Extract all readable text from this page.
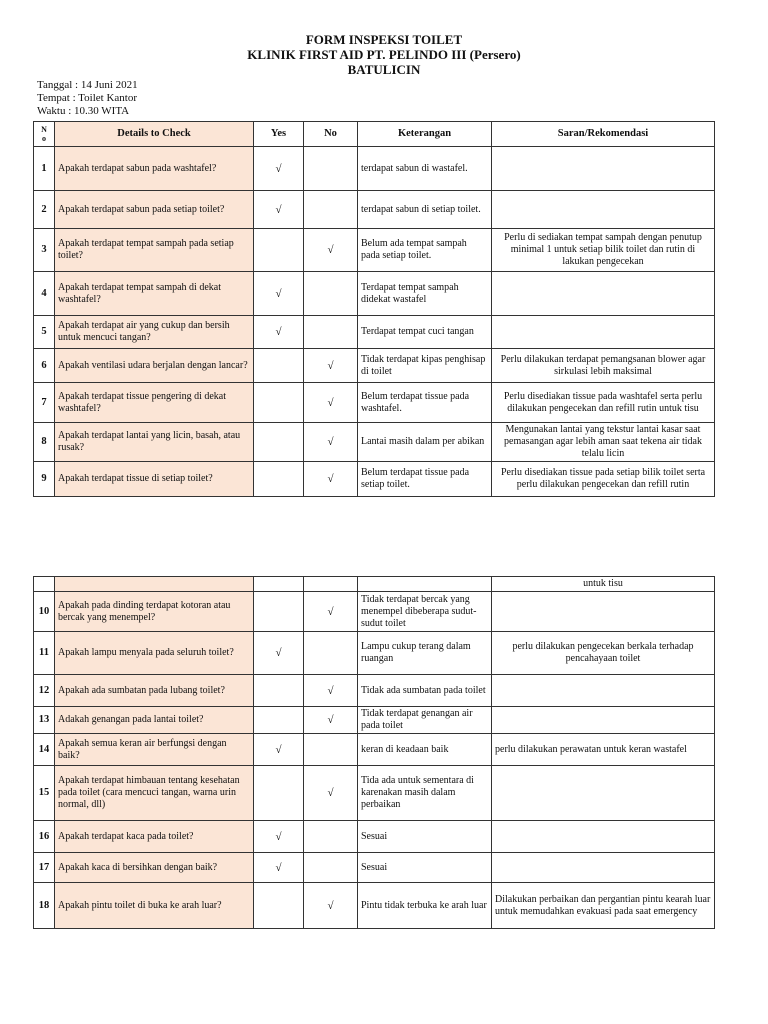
FORM INSPEKSI TOILET
KLINIK FIRST AID PT. PELINDO III (Persero)
BATULICIN
Tanggal : 14 Juni 2021
Tempat : Toilet Kantor
Waktu : 10.30 WITA
N
o	Details to Check	Yes	No	Keterangan	Saran/Rekomendasi
1	Apakah terdapat sabun pada washtafel?	√		terdapat sabun di wastafel.	
2	Apakah terdapat sabun pada setiap toilet?	√		terdapat sabun di setiap toilet.	
3	Apakah terdapat tempat sampah pada setiap toilet?		√	Belum ada tempat sampah pada setiap toilet.	Perlu di sediakan tempat sampah dengan penutup minimal 1 untuk setiap bilik toilet dan rutin di lakukan pengecekan
4	Apakah terdapat tempat sampah di dekat washtafel?	√		Terdapat tempat sampah didekat wastafel	
5	Apakah terdapat air yang cukup dan bersih untuk mencuci tangan?	√		Terdapat tempat cuci tangan	
6	Apakah ventilasi udara berjalan dengan lancar?		√	Tidak terdapat kipas penghisap di toilet	Perlu dilakukan terdapat pemangsanan blower agar sirkulasi lebih maksimal
7	Apakah terdapat tissue pengering di dekat washtafel?		√	Belum terdapat tissue pada washtafel.	Perlu disediakan tissue pada washtafel serta perlu dilakukan pengecekan dan refill rutin untuk tisu
8	Apakah terdapat lantai yang licin, basah, atau rusak?		√	Lantai masih dalam per abikan	Mengunakan lantai yang tekstur lantai kasar saat pemasangan agar lebih aman saat tekena air tidak telalu licin
9	Apakah terdapat tissue di setiap toilet?		√	Belum terdapat tissue pada setiap toilet.	Perlu disediakan tissue pada setiap bilik toilet serta perlu dilakukan pengecekan dan refill rutin
					untuk tisu
10	Apakah pada dinding terdapat kotoran atau bercak yang menempel?		√	Tidak terdapat bercak yang menempel dibeberapa sudut-sudut toilet	
11	Apakah lampu menyala pada seluruh toilet?	√		Lampu cukup terang dalam ruangan	perlu dilakukan pengecekan berkala terhadap pencahayaan toilet
12	Apakah ada sumbatan pada lubang toilet?		√	Tidak ada sumbatan pada toilet	
13	Adakah genangan pada lantai toilet?		√	Tidak terdapat genangan air pada toilet	
14	Apakah semua keran air berfungsi dengan baik?	√		keran di keadaan baik	perlu dilakukan perawatan untuk keran wastafel
15	Apakah terdapat himbauan tentang kesehatan pada toilet (cara mencuci tangan, warna urin normal, dll)		√	Tida ada untuk sementara di karenakan masih dalam perbaikan	
16	Apakah terdapat kaca pada toilet?	√		Sesuai	
17	Apakah kaca di bersihkan dengan baik?	√		Sesuai	
18	Apakah pintu toilet di buka ke arah luar?		√	Pintu tidak terbuka ke arah luar	Dilakukan perbaikan dan pergantian pintu kearah luar untuk memudahkan evakuasi pada saat emergency
